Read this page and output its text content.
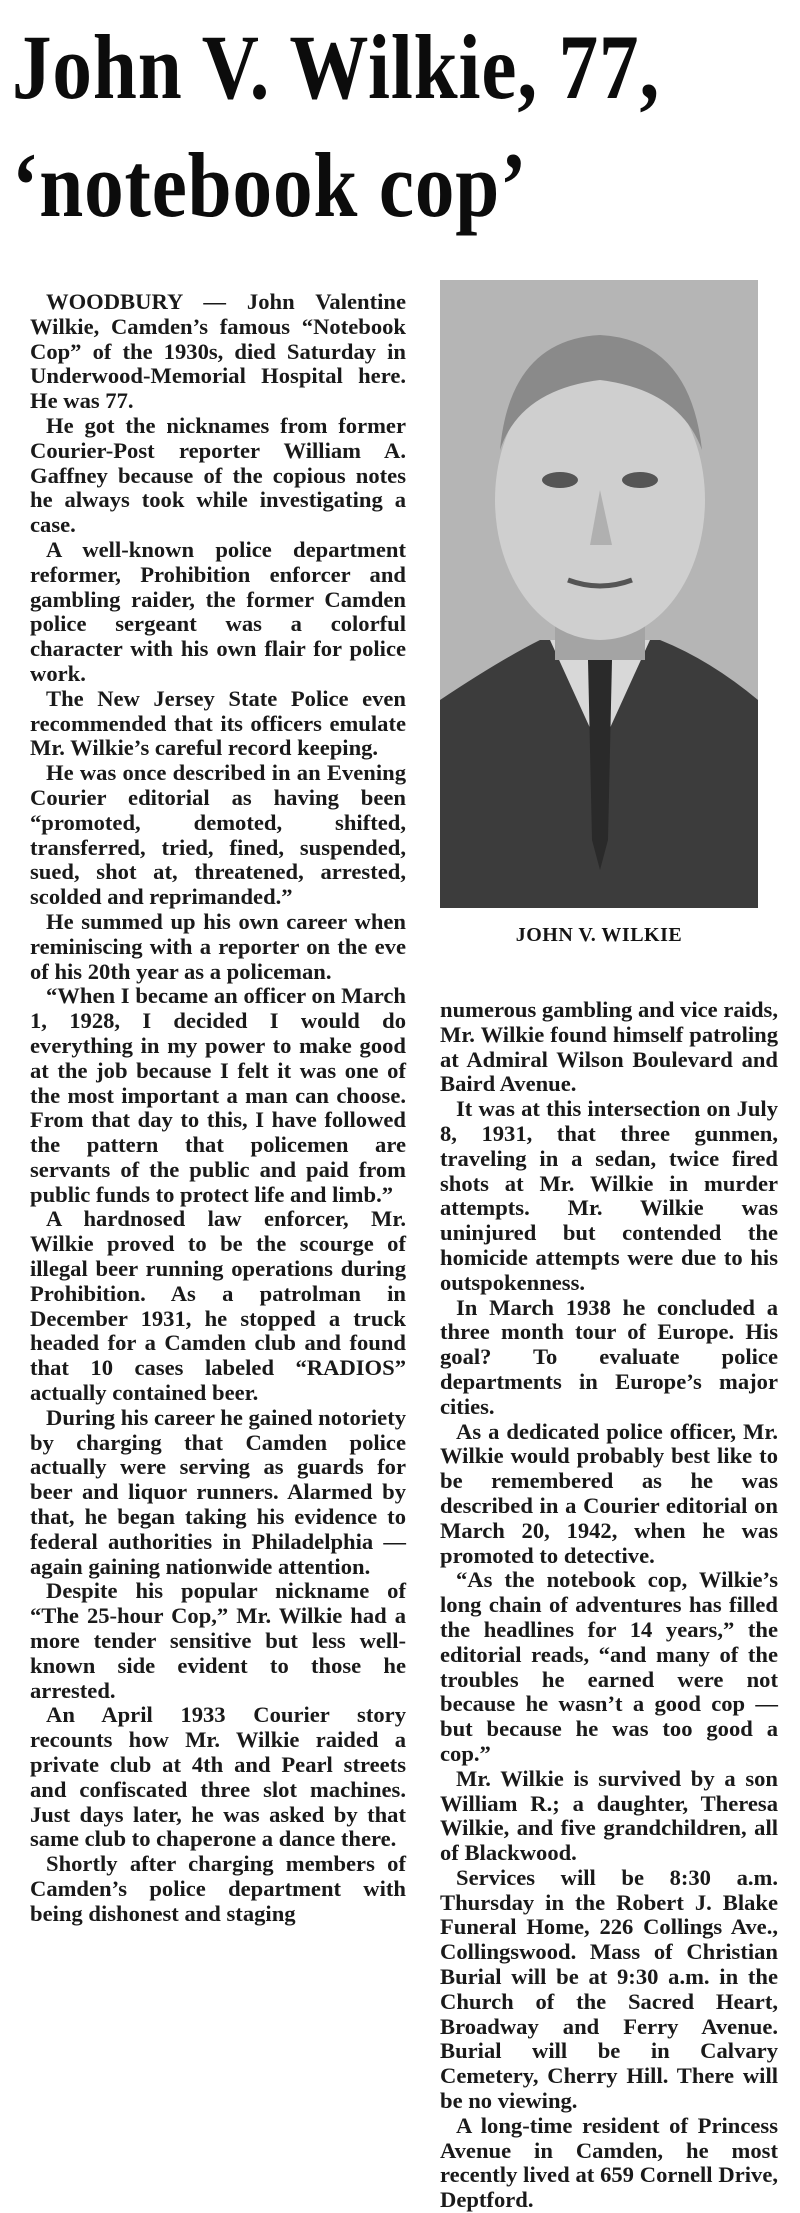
John V. Wilkie, 77,
‘notebook cop’

WOODBURY — John Valentine Wilkie, Camden’s famous “Notebook Cop” of the 1930s, died Saturday in Underwood-Memorial Hospital here. He was 77.

He got the nicknames from former Courier-Post reporter William A. Gaffney because of the copious notes he always took while investigating a case.

A well-known police department reformer, Prohibition enforcer and gambling raider, the former Camden police sergeant was a colorful character with his own flair for police work.

The New Jersey State Police even recommended that its officers emulate Mr. Wilkie’s careful record keeping.

He was once described in an Evening Courier editorial as having been “promoted, demoted, shifted, transferred, tried, fined, suspended, sued, shot at, threatened, arrested, scolded and reprimanded.”

He summed up his own career when reminiscing with a reporter on the eve of his 20th year as a policeman.

“When I became an officer on March 1, 1928, I decided I would do everything in my power to make good at the job because I felt it was one of the most important a man can choose. From that day to this, I have followed the pattern that policemen are servants of the public and paid from public funds to protect life and limb.”

A hardnosed law enforcer, Mr. Wilkie proved to be the scourge of illegal beer running operations during Prohibition. As a patrolman in December 1931, he stopped a truck headed for a Camden club and found that 10 cases labeled “RADIOS” actually contained beer.

During his career he gained notoriety by charging that Camden police actually were serving as guards for beer and liquor runners. Alarmed by that, he began taking his evidence to federal authorities in Philadelphia — again gaining nationwide attention.

Despite his popular nickname of “The 25-hour Cop,” Mr. Wilkie had a more tender sensitive but less well-known side evident to those he arrested.

An April 1933 Courier story recounts how Mr. Wilkie raided a private club at 4th and Pearl streets and confiscated three slot machines. Just days later, he was asked by that same club to chaperone a dance there.

Shortly after charging members of Camden’s police department with being dishonest and staging

JOHN V. WILKIE

numerous gambling and vice raids, Mr. Wilkie found himself patroling at Admiral Wilson Boulevard and Baird Avenue.

It was at this intersection on July 8, 1931, that three gunmen, traveling in a sedan, twice fired shots at Mr. Wilkie in murder attempts. Mr. Wilkie was uninjured but contended the homicide attempts were due to his outspokenness.

In March 1938 he concluded a three month tour of Europe. His goal? To evaluate police departments in Europe’s major cities.

As a dedicated police officer, Mr. Wilkie would probably best like to be remembered as he was described in a Courier editorial on March 20, 1942, when he was promoted to detective.

“As the notebook cop, Wilkie’s long chain of adventures has filled the headlines for 14 years,” the editorial reads, “and many of the troubles he earned were not because he wasn’t a good cop — but because he was too good a cop.”

Mr. Wilkie is survived by a son William R.; a daughter, Theresa Wilkie, and five grandchildren, all of Blackwood.

Services will be 8:30 a.m. Thursday in the Robert J. Blake Funeral Home, 226 Collings Ave., Collingswood. Mass of Christian Burial will be at 9:30 a.m. in the Church of the Sacred Heart, Broadway and Ferry Avenue. Burial will be in Calvary Cemetery, Cherry Hill. There will be no viewing.

A long-time resident of Princess Avenue in Camden, he most recently lived at 659 Cornell Drive, Deptford.
